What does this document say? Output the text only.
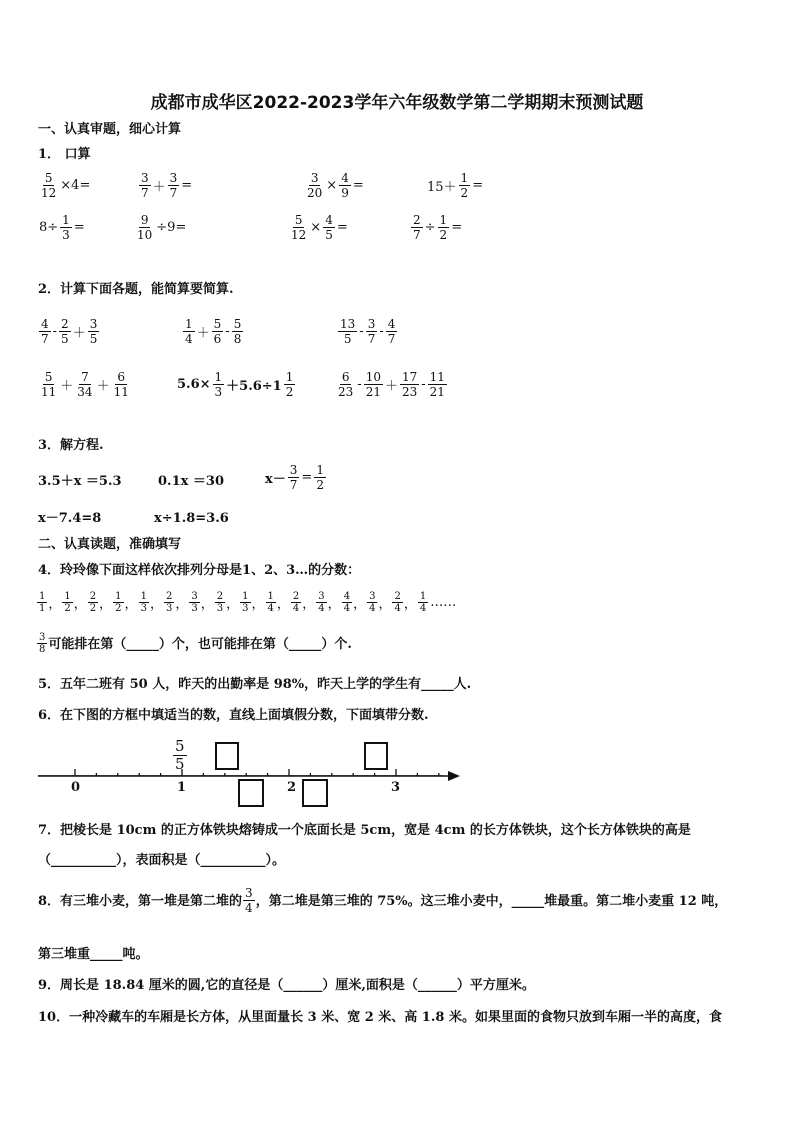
成都市成华区2022-2023学年六年级数学第二学期期末预测试题
一、认真审题，细心计算
1． 口算
$\frac{5}{12} \times 4=$	$\frac{3}{7} + \frac{3}{7}$ =	$\frac{3}{20} \times \frac{4}{9}$ =	$15+ \frac{1}{2}$ =
$8\div \frac{1}{3}$ =	$\frac{9}{10} \div 9=$	$\frac{5}{12} \times \frac{4}{5}$ =	$\frac{2}{7} \div \frac{1}{2}$ =
2．计算下面各题，能简算要简算.
$\frac{4}{7} - \frac{2}{5} + \frac{3}{5}$	$\frac{1}{4} + \frac{5}{6} - \frac{5}{8}$	$\frac{13}{5} - \frac{3}{7} - \frac{4}{7}$
$\frac{5}{11} + \frac{7}{34} + \frac{6}{11}$	$5.6\times \frac{1}{3} +5.6\div 1 \frac{1}{2}$	$\frac{6}{23} - \frac{10}{21} + \frac{17}{23} - \frac{11}{21}$
3．解方程.
3.5＋x ＝5.3	0.1x ＝30	$x- \frac{3}{7} = \frac{1}{2}$
x－7.4=8	x÷1.8=3.6
二、认真读题，准确填写
4．玲玲像下面这样依次排列分母是1、2、3…的分数：
$\frac{1}{1}$ ， $\frac{1}{2}$ ， $\frac{2}{2}$ ， $\frac{1}{2}$ ， $\frac{1}{3}$ ， $\frac{2}{3}$ ， $\frac{3}{3}$ ， $\frac{2}{3}$ ， $\frac{1}{3}$ ， $\frac{1}{4}$ ， $\frac{2}{4}$ ， $\frac{3}{4}$ ， $\frac{4}{4}$ ， $\frac{3}{4}$ ， $\frac{2}{4}$ ， $\frac{1}{4}$ ……
$\frac{3}{8}$ 可能排在第（_____）个，也可能排在第（_____）个.
5．五年二班有 50 人，昨天的出勤率是 98%，昨天上学的学生有_____人.
6．在下图的方框中填适当的数，直线上面填假分数，下面填带分数.
$\frac{5}{5}$
0	1	2	3
7．把棱长是 10cm 的正方体铁块熔铸成一个底面长是 5cm，宽是 4cm 的长方体铁块，这个长方体铁块的高是
（__________），表面积是（__________）。
8．有三堆小麦，第一堆是第二堆的 $\frac{3}{4}$ ，第二堆是第三堆的 75%。这三堆小麦中，_____堆最重。第二堆小麦重 12 吨，
第三堆重_____吨。
9．周长是 18.84 厘米的圆,它的直径是（______）厘米,面积是（______）平方厘米。
10．一种冷藏车的车厢是长方体，从里面量长 3 米、宽 2 米、高 1.8 米。如果里面的食物只放到车厢一半的高度，食
